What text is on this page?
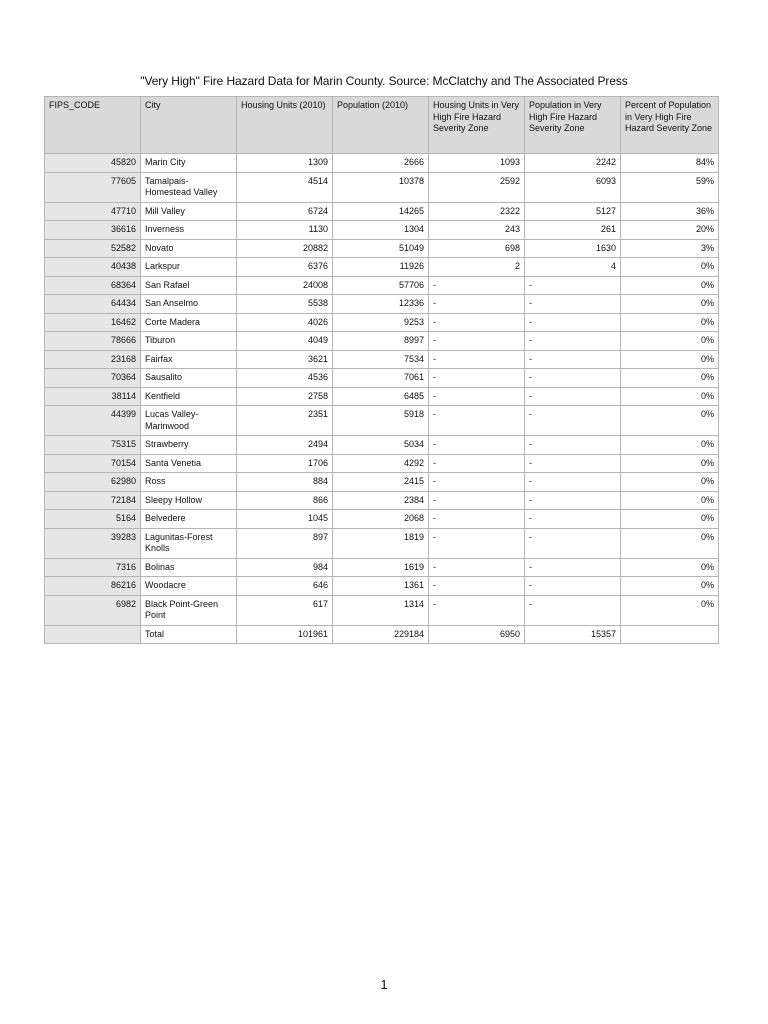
"Very High" Fire Hazard Data for Marin County. Source: McClatchy and The Associated Press
FIPS_CODE	City	Housing Units (2010)	Population (2010)	Housing Units in Very High Fire Hazard Severity Zone	Population in Very High Fire Hazard Severity Zone	Percent of Population in Very High Fire Hazard Severity Zone
45820	Marin City	1309	2666	1093	2242	84%
77605	Tamalpais-Homestead Valley	4514	10378	2592	6093	59%
47710	Mill Valley	6724	14265	2322	5127	36%
36616	Inverness	1130	1304	243	261	20%
52582	Novato	20882	51049	698	1630	3%
40438	Larkspur	6376	11926	2	4	0%
68364	San Rafael	24008	57706	-	-	0%
64434	San Anselmo	5538	12336	-	-	0%
16462	Corte Madera	4026	9253	-	-	0%
78666	Tiburon	4049	8997	-	-	0%
23168	Fairfax	3621	7534	-	-	0%
70364	Sausalito	4536	7061	-	-	0%
38114	Kentfield	2758	6485	-	-	0%
44399	Lucas Valley-Marinwood	2351	5918	-	-	0%
75315	Strawberry	2494	5034	-	-	0%
70154	Santa Venetia	1706	4292	-	-	0%
62980	Ross	884	2415	-	-	0%
72184	Sleepy Hollow	866	2384	-	-	0%
5164	Belvedere	1045	2068	-	-	0%
39283	Lagunitas-Forest Knolls	897	1819	-	-	0%
7316	Bolinas	984	1619	-	-	0%
86216	Woodacre	646	1361	-	-	0%
6982	Black Point-Green Point	617	1314	-	-	0%
	Total	101961	229184	6950	15357	
1
